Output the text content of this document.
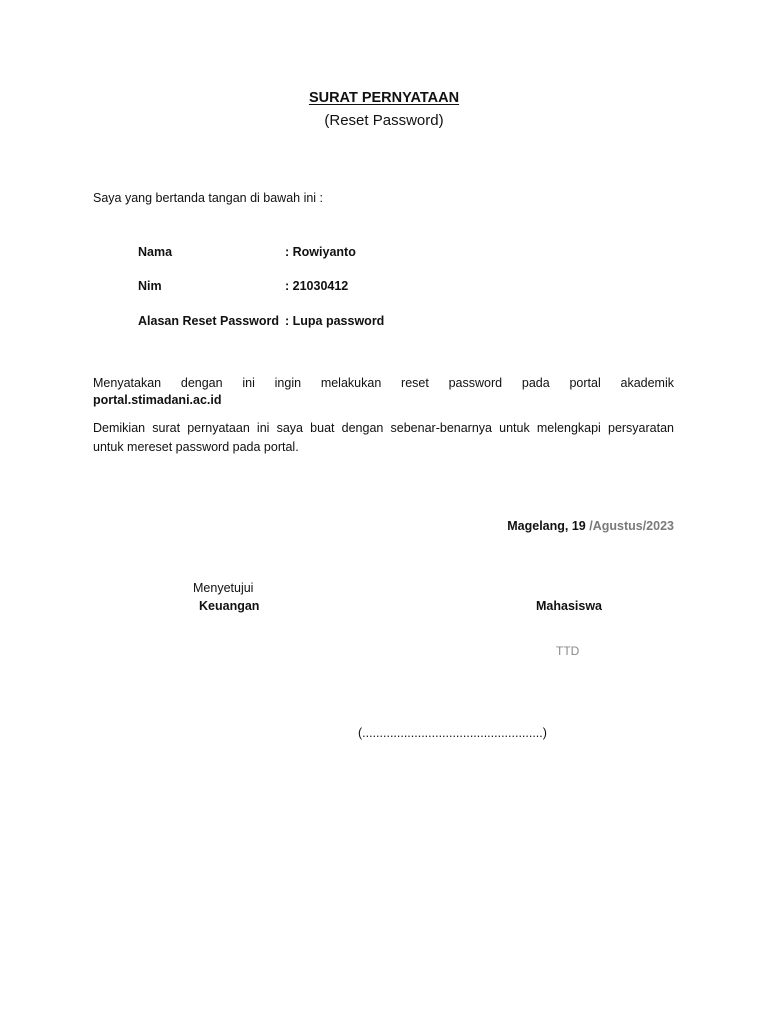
SURAT PERNYATAAN
(Reset Password)
Saya yang bertanda tangan di bawah ini :
Nama	: Rowiyanto
Nim	: 21030412
Alasan Reset Password : Lupa password
Menyatakan dengan ini ingin melakukan reset password pada portal akademik
portal.stimadani.ac.id
Demikian surat pernyataan ini saya buat dengan sebenar-benarnya untuk melengkapi persyaratan
untuk mereset password pada portal.
Magelang, 19 /Agustus/2023
Menyetujui
Keuangan	Mahasiswa
TTD
(....................................................)
